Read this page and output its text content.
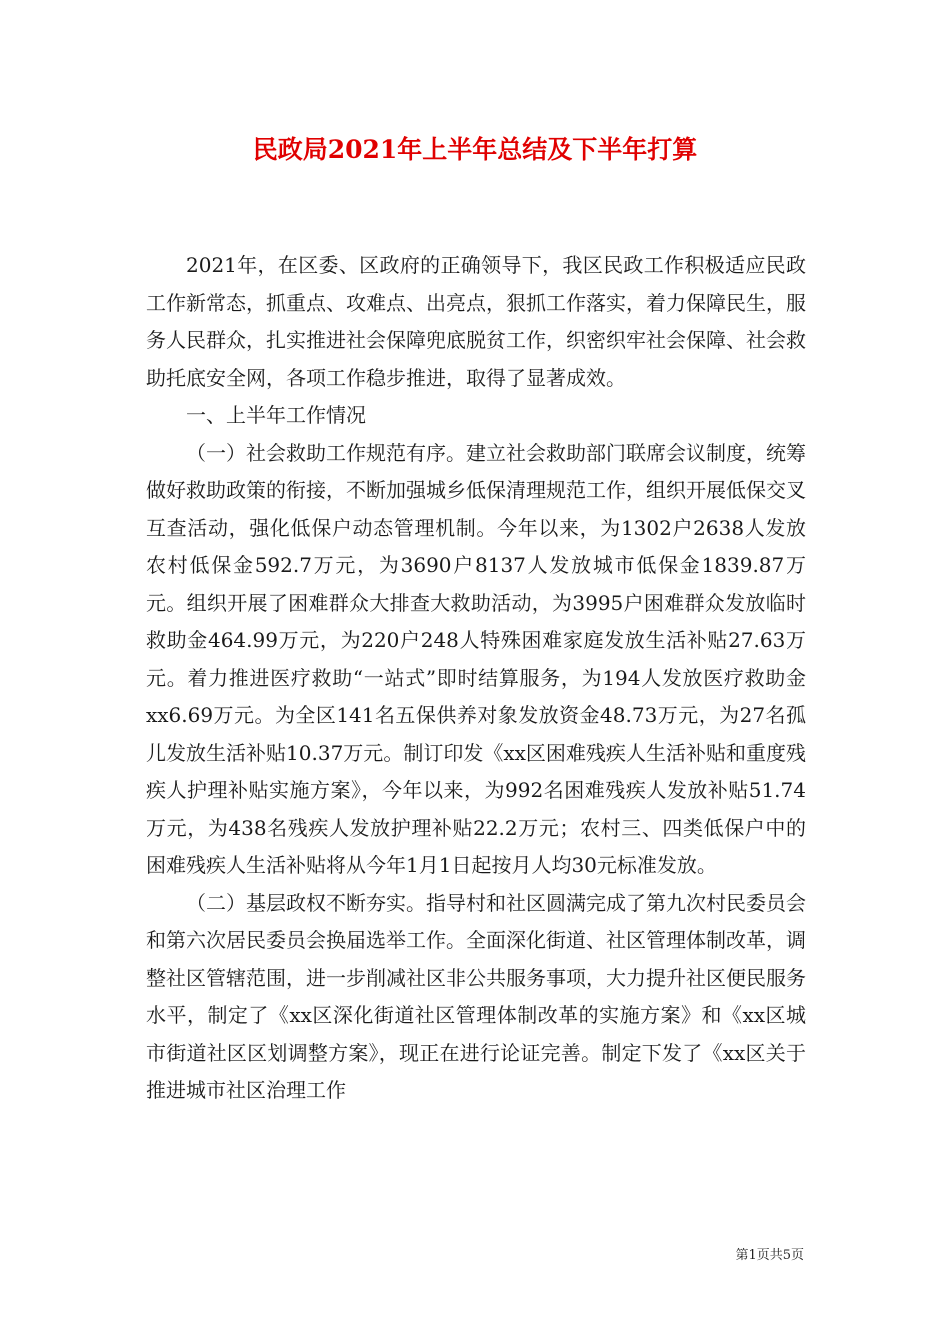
民政局2021年上半年总结及下半年打算

2021年，在区委、区政府的正确领导下，我区民政工作积极适应民政工作新常态，抓重点、攻难点、出亮点，狠抓工作落实，着力保障民生，服务人民群众，扎实推进社会保障兜底脱贫工作，织密织牢社会保障、社会救助托底安全网，各项工作稳步推进，取得了显著成效。

一、上半年工作情况

（一）社会救助工作规范有序。建立社会救助部门联席会议制度，统筹做好救助政策的衔接，不断加强城乡低保清理规范工作，组织开展低保交叉互查活动，强化低保户动态管理机制。今年以来，为1302户2638人发放农村低保金592.7万元，为3690户8137人发放城市低保金1839.87万元。组织开展了困难群众大排查大救助活动，为3995户困难群众发放临时救助金464.99万元，为220户248人特殊困难家庭发放生活补贴27.63万元。着力推进医疗救助“一站式”即时结算服务，为194人发放医疗救助金xx6.69万元。为全区141名五保供养对象发放资金48.73万元，为27名孤儿发放生活补贴10.37万元。制订印发《xx区困难残疾人生活补贴和重度残疾人护理补贴实施方案》，今年以来，为992名困难残疾人发放补贴51.74万元，为438名残疾人发放护理补贴22.2万元；农村三、四类低保户中的困难残疾人生活补贴将从今年1月1日起按月人均30元标准发放。

（二）基层政权不断夯实。指导村和社区圆满完成了第九次村民委员会和第六次居民委员会换届选举工作。全面深化街道、社区管理体制改革，调整社区管辖范围，进一步削减社区非公共服务事项，大力提升社区便民服务水平，制定了《xx区深化街道社区管理体制改革的实施方案》和《xx区城市街道社区区划调整方案》，现正在进行论证完善。制定下发了《xx区关于推进城市社区治理工作

第1页共5页
